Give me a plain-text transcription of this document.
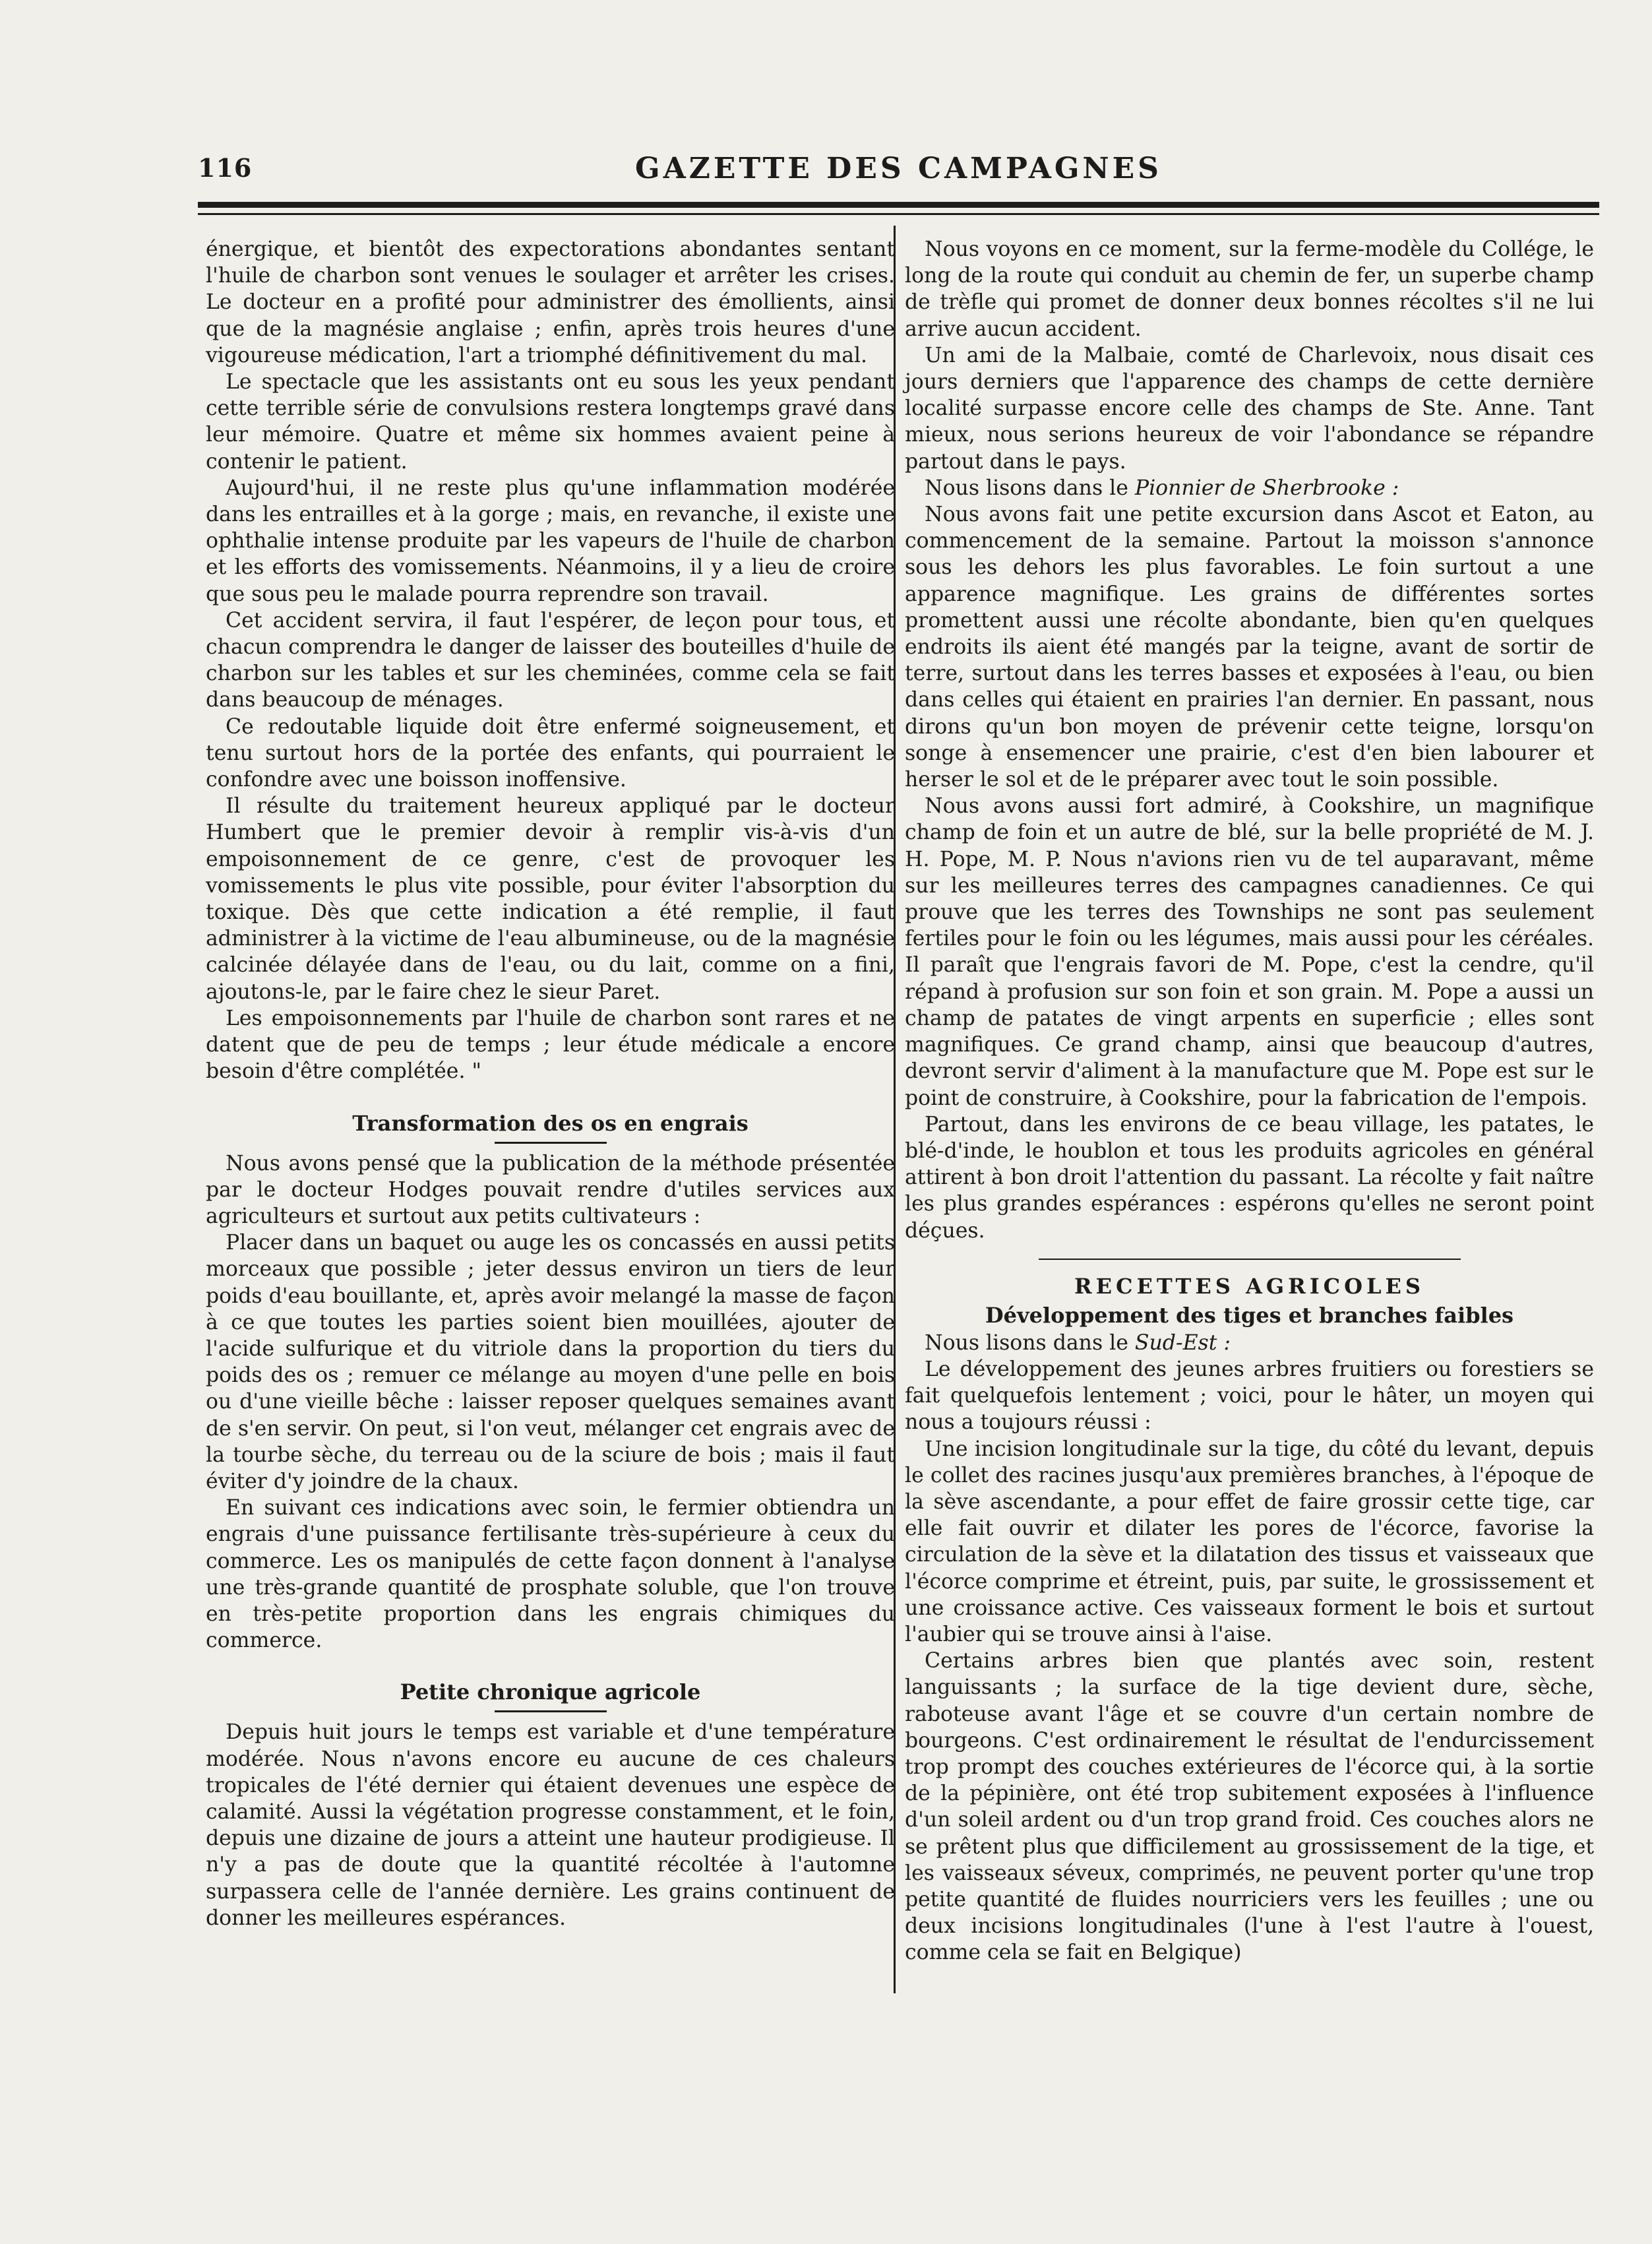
116	GAZETTE DES CAMPAGNES

énergique, et bientôt des expectorations abondantes sentant l'huile de charbon sont venues le soulager et arrêter les crises. Le docteur en a profité pour administrer des émollients, ainsi que de la magnésie anglaise ; enfin, après trois heures d'une vigoureuse médication, l'art a triomphé définitivement du mal.

Le spectacle que les assistants ont eu sous les yeux pendant cette terrible série de convulsions restera longtemps gravé dans leur mémoire. Quatre et même six hommes avaient peine à contenir le patient.

Aujourd'hui, il ne reste plus qu'une inflammation modérée dans les entrailles et à la gorge ; mais, en revanche, il existe une ophthalie intense produite par les vapeurs de l'huile de charbon et les efforts des vomissements. Néanmoins, il y a lieu de croire que sous peu le malade pourra reprendre son travail.

Cet accident servira, il faut l'espérer, de leçon pour tous, et chacun comprendra le danger de laisser des bouteilles d'huile de charbon sur les tables et sur les cheminées, comme cela se fait dans beaucoup de ménages.

Ce redoutable liquide doit être enfermé soigneusement, et tenu surtout hors de la portée des enfants, qui pourraient le confondre avec une boisson inoffensive.

Il résulte du traitement heureux appliqué par le docteur Humbert que le premier devoir à remplir vis-à-vis d'un empoisonnement de ce genre, c'est de provoquer les vomissements le plus vite possible, pour éviter l'absorption du toxique. Dès que cette indication a été remplie, il faut administrer à la victime de l'eau albumineuse, ou de la magnésie calcinée délayée dans de l'eau, ou du lait, comme on a fini, ajoutons-le, par le faire chez le sieur Paret.

Les empoisonnements par l'huile de charbon sont rares et ne datent que de peu de temps ; leur étude médicale a encore besoin d'être complétée. "

Transformation des os en engrais

Nous avons pensé que la publication de la méthode présentée par le docteur Hodges pouvait rendre d'utiles services aux agriculteurs et surtout aux petits cultivateurs :

Placer dans un baquet ou auge les os concassés en aussi petits morceaux que possible ; jeter dessus environ un tiers de leur poids d'eau bouillante, et, après avoir melangé la masse de façon à ce que toutes les parties soient bien mouillées, ajouter de l'acide sulfurique et du vitriole dans la proportion du tiers du poids des os ; remuer ce mélange au moyen d'une pelle en bois ou d'une vieille bêche : laisser reposer quelques semaines avant de s'en servir. On peut, si l'on veut, mélanger cet engrais avec de la tourbe sèche, du terreau ou de la sciure de bois ; mais il faut éviter d'y joindre de la chaux.

En suivant ces indications avec soin, le fermier obtiendra un engrais d'une puissance fertilisante très-supérieure à ceux du commerce. Les os manipulés de cette façon donnent à l'analyse une très-grande quantité de prosphate soluble, que l'on trouve en très-petite proportion dans les engrais chimiques du commerce.

Petite chronique agricole

Depuis huit jours le temps est variable et d'une température modérée. Nous n'avons encore eu aucune de ces chaleurs tropicales de l'été dernier qui étaient devenues une espèce de calamité. Aussi la végétation progresse constamment, et le foin, depuis une dizaine de jours a atteint une hauteur prodigieuse. Il n'y a pas de doute que la quantité récoltée à l'automne surpassera celle de l'année dernière. Les grains continuent de donner les meilleures espérances.

Nous voyons en ce moment, sur la ferme-modèle du Collége, le long de la route qui conduit au chemin de fer, un superbe champ de trèfle qui promet de donner deux bonnes récoltes s'il ne lui arrive aucun accident.

Un ami de la Malbaie, comté de Charlevoix, nous disait ces jours derniers que l'apparence des champs de cette dernière localité surpasse encore celle des champs de Ste. Anne. Tant mieux, nous serions heureux de voir l'abondance se répandre partout dans le pays.

Nous lisons dans le Pionnier de Sherbrooke :

Nous avons fait une petite excursion dans Ascot et Eaton, au commencement de la semaine. Partout la moisson s'annonce sous les dehors les plus favorables. Le foin surtout a une apparence magnifique. Les grains de différentes sortes promettent aussi une récolte abondante, bien qu'en quelques endroits ils aient été mangés par la teigne, avant de sortir de terre, surtout dans les terres basses et exposées à l'eau, ou bien dans celles qui étaient en prairies l'an dernier. En passant, nous dirons qu'un bon moyen de prévenir cette teigne, lorsqu'on songe à ensemencer une prairie, c'est d'en bien labourer et herser le sol et de le préparer avec tout le soin possible.

Nous avons aussi fort admiré, à Cookshire, un magnifique champ de foin et un autre de blé, sur la belle propriété de M. J. H. Pope, M. P. Nous n'avions rien vu de tel auparavant, même sur les meilleures terres des campagnes canadiennes. Ce qui prouve que les terres des Townships ne sont pas seulement fertiles pour le foin ou les légumes, mais aussi pour les céréales. Il paraît que l'engrais favori de M. Pope, c'est la cendre, qu'il répand à profusion sur son foin et son grain. M. Pope a aussi un champ de patates de vingt arpents en superficie ; elles sont magnifiques. Ce grand champ, ainsi que beaucoup d'autres, devront servir d'aliment à la manufacture que M. Pope est sur le point de construire, à Cookshire, pour la fabrication de l'empois.

Partout, dans les environs de ce beau village, les patates, le blé-d'inde, le houblon et tous les produits agricoles en général attirent à bon droit l'attention du passant. La récolte y fait naître les plus grandes espérances : espérons qu'elles ne seront point déçues.

RECETTES AGRICOLES
Développement des tiges et branches faibles

Nous lisons dans le Sud-Est :

Le développement des jeunes arbres fruitiers ou forestiers se fait quelquefois lentement ; voici, pour le hâter, un moyen qui nous a toujours réussi :

Une incision longitudinale sur la tige, du côté du levant, depuis le collet des racines jusqu'aux premières branches, à l'époque de la sève ascendante, a pour effet de faire grossir cette tige, car elle fait ouvrir et dilater les pores de l'écorce, favorise la circulation de la sève et la dilatation des tissus et vaisseaux que l'écorce comprime et étreint, puis, par suite, le grossissement et une croissance active. Ces vaisseaux forment le bois et surtout l'aubier qui se trouve ainsi à l'aise.

Certains arbres bien que plantés avec soin, restent languissants ; la surface de la tige devient dure, sèche, raboteuse avant l'âge et se couvre d'un certain nombre de bourgeons. C'est ordinairement le résultat de l'endurcissement trop prompt des couches extérieures de l'écorce qui, à la sortie de la pépinière, ont été trop subitement exposées à l'influence d'un soleil ardent ou d'un trop grand froid. Ces couches alors ne se prêtent plus que difficilement au grossissement de la tige, et les vaisseaux séveux, comprimés, ne peuvent porter qu'une trop petite quantité de fluides nourriciers vers les feuilles ; une ou deux incisions longitudinales (l'une à l'est l'autre à l'ouest, comme cela se fait en Belgique)
